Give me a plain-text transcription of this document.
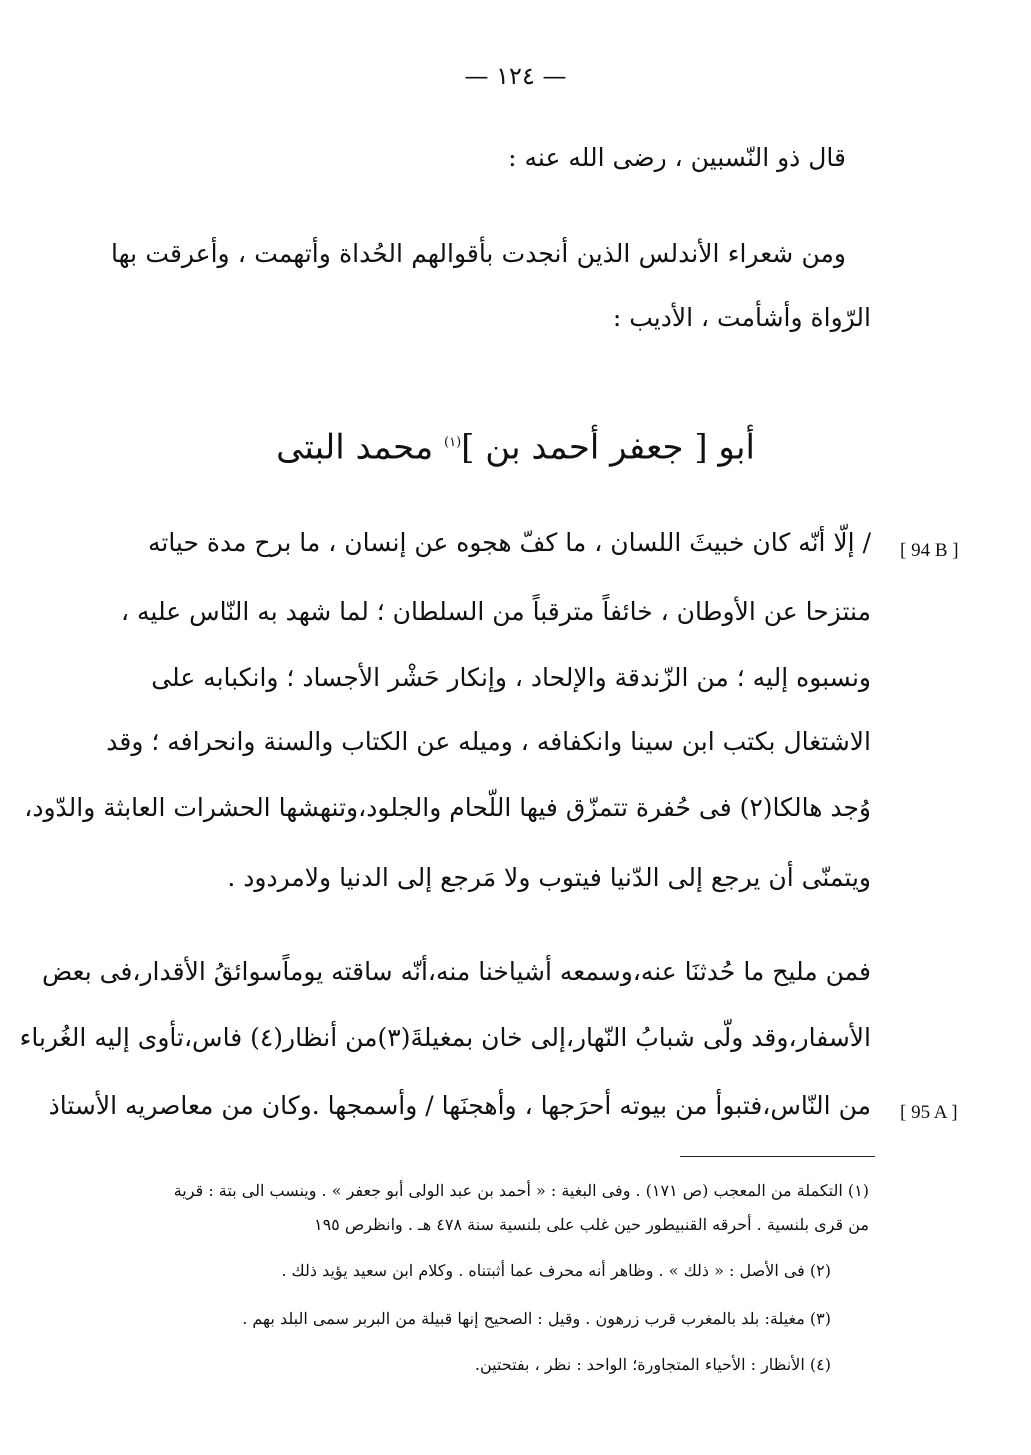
— ١٢٤ —
قال ذو النّسبين ، رضى الله عنه :
ومن شعراء الأندلس الذين أنجدت بأقوالهم الحُداة وأتهمت ، وأعرقت بها
الرّواة وأشأمت ، الأديب :
أبو [ جعفر أحمد بن ]$^{(١)}$ محمد البتى
[ 94 B ]
/ إلّا أنّه كان خبيثَ اللسان ، ما كفّ هجوه عن إنسان ، ما برح مدة حياته
منتزحا عن الأوطان ، خائفاً مترقباً من السلطان ؛ لما شهد به النّاس عليه ،
ونسبوه إليه ؛ من الزّندقة والإلحاد ، وإنكار حَشْر الأجساد ؛ وانكبابه على
الاشتغال بكتب ابن سينا وانكفافه ، وميله عن الكتاب والسنة وانحرافه ؛ وقد
وُجد هالكا(٢) فى حُفرة تتمزّق فيها اللّحام والجلود،وتنهشها الحشرات العابثة والدّود،
ويتمنّى أن يرجع إلى الدّنيا فيتوب ولا مَرجع إلى الدنيا ولامردود .
فمن مليح ما حُدثنَا عنه،وسمعه أشياخنا منه،أنّه ساقته يوماًسوائقُ الأقدار،فى بعض
الأسفار،وقد ولّى شبابُ النّهار،إلى خان بمغيلةَ(٣)من أنظار(٤) فاس،تأوى إليه الغُرباء
من النّاس،فتبوأ من بيوته أحرَجها ، وأهجنَها / وأسمجها .وكان من معاصريه الأستاذ [ 95 A ]
(١) التكملة من المعجب (ص ١٧١) . وفى البغية : « أحمد بن عبد الولى أبو جعفر » . وينسب الى بتة : قرية
من قرى بلنسية . أحرقه القنبيطور حين غلب على بلنسية سنة ٤٧٨ هـ . وانظرص ١٩٥
(٢) فى الأصل : « ذلك » . وظاهر أنه محرف عما أثبتناه . وكلام ابن سعيد يؤيد ذلك .
(٣) مغيلة: بلد بالمغرب قرب زرهون . وقيل : الصحيح إنها قبيلة من البربر سمى البلد بهم .
(٤) الأنظار : الأحياء المتجاورة؛ الواحد : نظر ، بفتحتين.
